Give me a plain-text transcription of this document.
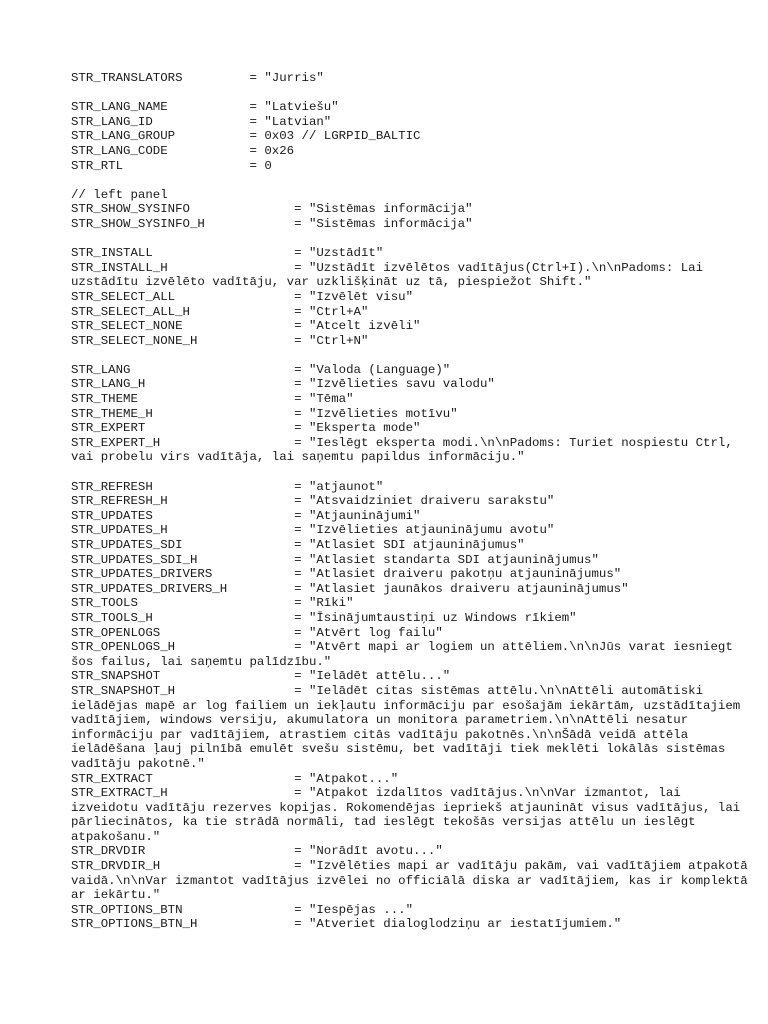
STR_TRANSLATORS         = "Jurris"
STR_LANG_NAME           = "Latviešu"
STR_LANG_ID             = "Latvian"
STR_LANG_GROUP          = 0x03 // LGRPID_BALTIC
STR_LANG_CODE           = 0x26
STR_RTL                 = 0
// left panel
STR_SHOW_SYSINFO              = "Sistēmas informācija"
STR_SHOW_SYSINFO_H            = "Sistēmas informācija"
STR_INSTALL                   = "Uzstādīt"
STR_INSTALL_H                 = "Uzstādīt izvēlētos vadītājus(Ctrl+I).\n\nPadoms: Lai uzstādītu izvēlēto vadītāju, var uzklišķināt uz tā, piespiežot Shift."
STR_SELECT_ALL                = "Izvēlēt visu"
STR_SELECT_ALL_H              = "Ctrl+A"
STR_SELECT_NONE               = "Atcelt izvēli"
STR_SELECT_NONE_H             = "Ctrl+N"
STR_LANG                      = "Valoda (Language)"
STR_LANG_H                    = "Izvēlieties savu valodu"
STR_THEME                     = "Tēma"
STR_THEME_H                   = "Izvēlieties motīvu"
STR_EXPERT                    = "Eksperta mode"
STR_EXPERT_H                  = "Ieslēgt eksperta modi.\n\nPadoms: Turiet nospiestu Ctrl, vai probelu virs vadītāja, lai saņemtu papildus informāciju."
STR_REFRESH                   = "atjaunot"
STR_REFRESH_H                 = "Atsvaidziniet draiveru sarakstu"
STR_UPDATES                   = "Atjauninājumi"
STR_UPDATES_H                 = "Izvēlieties atjauninājumu avotu"
STR_UPDATES_SDI               = "Atlasiet SDI atjauninājumus"
STR_UPDATES_SDI_H             = "Atlasiet standarta SDI atjauninājumus"
STR_UPDATES_DRIVERS           = "Atlasiet draiveru pakotņu atjauninājumus"
STR_UPDATES_DRIVERS_H         = "Atlasiet jaunākos draiveru atjauninājumus"
STR_TOOLS                     = "Rīki"
STR_TOOLS_H                   = "Īsinājumtaustiņi uz Windows rīkiem"
STR_OPENLOGS                  = "Atvērt log failu"
STR_OPENLOGS_H                = "Atvērt mapi ar logiem un attēliem.\n\nJūs varat iesniegt šos failus, lai saņemtu palīdzību."
STR_SNAPSHOT                  = "Ielādēt attēlu..."
STR_SNAPSHOT_H                = "Ielādēt citas sistēmas attēlu.\n\nAttēli automātiski ielādējas mapē ar log failiem un iekļautu informāciju par esošajām iekārtām, uzstādītajiem vadītājiem, windows versiju, akumulatora un monitora parametriem.\n\nAttēli nesatur informāciju par vadītājiem, atrastiem citās vadītāju pakotnēs.\n\nŠādā veidā attēla ielādēšana ļauj pilnībā emulēt svešu sistēmu, bet vadītāji tiek meklēti lokālās sistēmas vadītāju pakotnē."
STR_EXTRACT                   = "Atpakot..."
STR_EXTRACT_H                 = "Atpakot izdalītos vadītājus.\n\nVar izmantot, lai izveidotu vadītāju rezerves kopijas. Rokomendējas iepriekš atjaunināt visus vadītājus, lai pārliecinātos, ka tie strādā normāli, tad ieslēgt tekošās versijas attēlu un ieslēgt atpakošanu."
STR_DRVDIR                    = "Norādīt avotu..."
STR_DRVDIR_H                  = "Izvēlēties mapi ar vadītāju pakām, vai vadītājiem atpakotā vaidā.\n\nVar izmantot vadītājus izvēlei no officiālā diska ar vadītājiem, kas ir komplektā ar iekārtu."
STR_OPTIONS_BTN               = "Iespējas ..."
STR_OPTIONS_BTN_H             = "Atveriet dialoglodziņu ar iestatījumiem."
